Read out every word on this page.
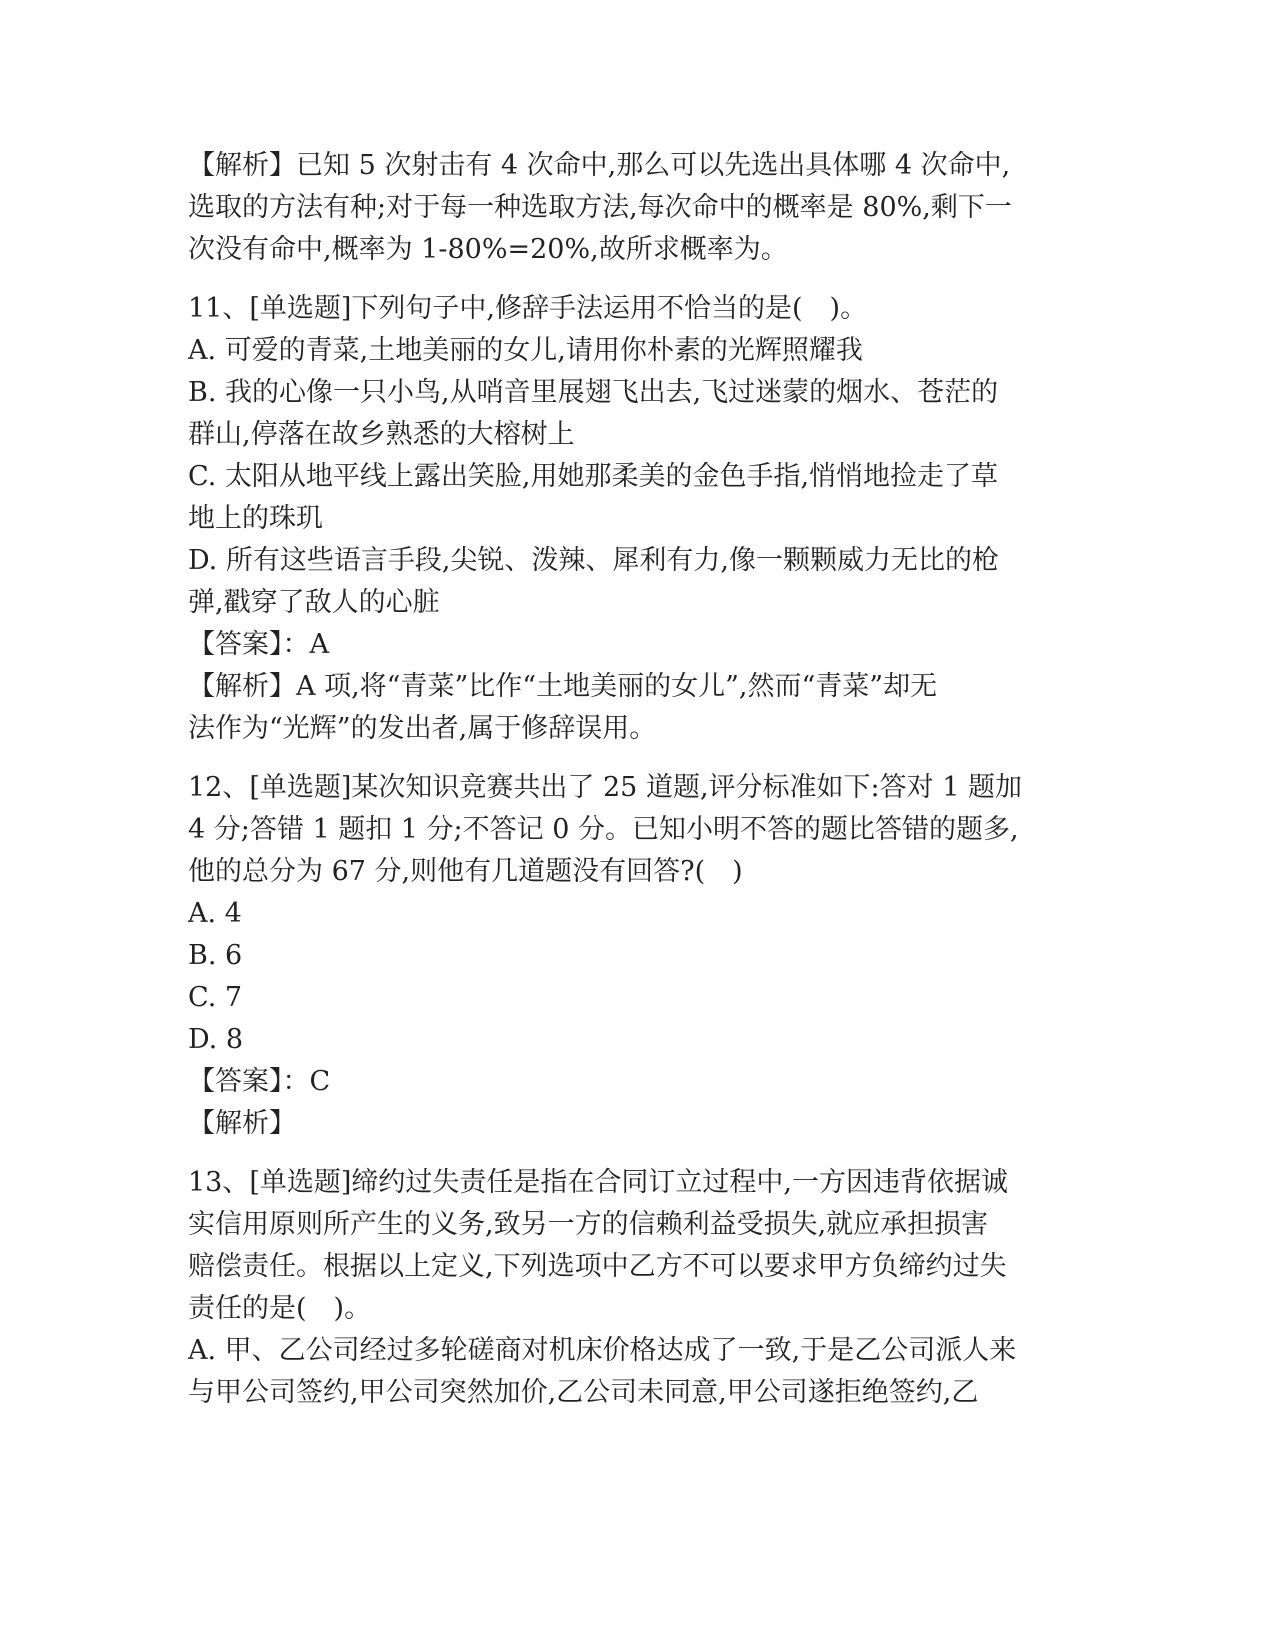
【解析】已知 5 次射击有 4 次命中,那么可以先选出具体哪 4 次命中,
选取的方法有种;对于每一种选取方法,每次命中的概率是 80%,剩下一
次没有命中,概率为 1-80%=20%,故所求概率为。
11、[单选题]下列句子中,修辞手法运用不恰当的是(　)。
A. 可爱的青菜,土地美丽的女儿,请用你朴素的光辉照耀我
B. 我的心像一只小鸟,从哨音里展翅飞出去,飞过迷蒙的烟水、苍茫的
群山,停落在故乡熟悉的大榕树上
C. 太阳从地平线上露出笑脸,用她那柔美的金色手指,悄悄地捡走了草
地上的珠玑
D. 所有这些语言手段,尖锐、泼辣、犀利有力,像一颗颗威力无比的枪
弹,戳穿了敌人的心脏
【答案】：A
【解析】A 项,将“青菜”比作“土地美丽的女儿”,然而“青菜”却无
法作为“光辉”的发出者,属于修辞误用。
12、[单选题]某次知识竞赛共出了 25 道题,评分标准如下:答对 1 题加
4 分;答错 1 题扣 1 分;不答记 0 分。已知小明不答的题比答错的题多,
他的总分为 67 分,则他有几道题没有回答?(　)
A. 4
B. 6
C. 7
D. 8
【答案】：C
【解析】
13、[单选题]缔约过失责任是指在合同订立过程中,一方因违背依据诚
实信用原则所产生的义务,致另一方的信赖利益受损失,就应承担损害
赔偿责任。根据以上定义,下列选项中乙方不可以要求甲方负缔约过失
责任的是(　)。
A. 甲、乙公司经过多轮磋商对机床价格达成了一致,于是乙公司派人来
与甲公司签约,甲公司突然加价,乙公司未同意,甲公司遂拒绝签约,乙
